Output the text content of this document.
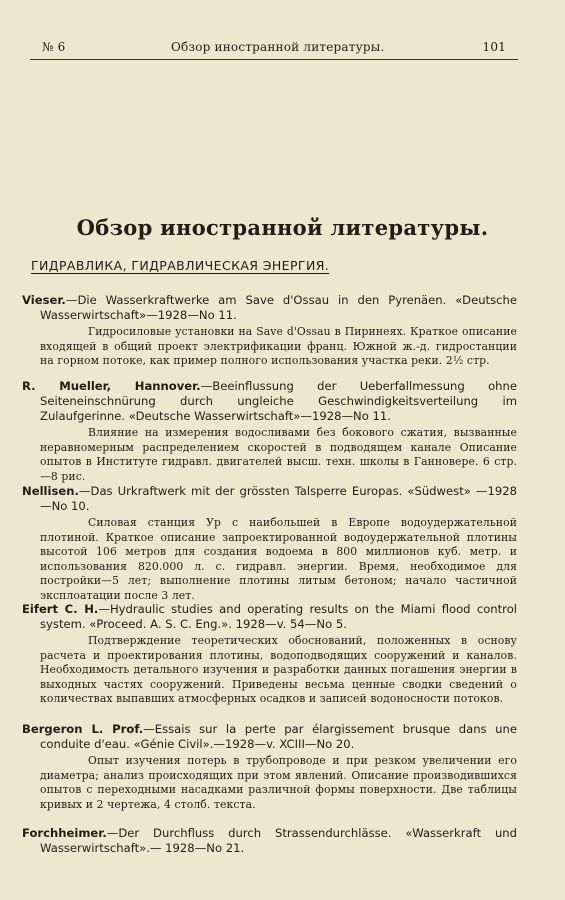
№ 6	Обзор иностранной литературы.	101
Обзор иностранной литературы.
ГИДРАВЛИКА, ГИДРАВЛИЧЕСКАЯ ЭНЕРГИЯ.
Vieser.—Die Wasserkraftwerke am Save d'Ossau in den Pyrenäen. «Deutsche Wasserwirtschaft»—1928—No 11.
Гидросиловые установки на Save d'Ossau в Пиринеях. Краткое описание входящей в общий проект электрификации франц. Южной ж.-д. гидростанции на горном потоке, как пример полного использования участка реки. 2½ стр.
R. Mueller, Hannover.—Beeinflussung der Ueberfallmessung ohne Seiteneinschnürung durch ungleiche Geschwindigkeitsverteilung im Zulaufgerinne. «Deutsche Wasserwirtschaft»—1928—No 11.
Влияние на измерения водосливами без бокового сжатия, вызванные неравномерным распределением скоростей в подводящем канале Описание опытов в Институте гидравл. двигателей высш. техн. школы в Ганновере. 6 стр.—8 рис.
Nellisen.—Das Urkraftwerk mit der grössten Talsperre Europas. «Südwest» —1928—No 10.
Силовая станция Ур с наибольшей в Европе водоудержательной плотиной. Краткое описание запроектированной водоудержательной плотины высотой 106 метров для создания водоема в 800 миллионов куб. метр. и использования 820.000 л. с. гидравл. энергии. Время, необходимое для постройки—5 лет; выполнение плотины литым бетоном; начало частичной эксплоатации после 3 лет.
Eifert C. H.—Hydraulic studies and operating results on the Miami flood control system. «Proceed. A. S. C. Eng.». 1928—v. 54—No 5.
Подтверждение теоретических обоснований, положенных в основу расчета и проектирования плотины, водоподводящих сооружений и каналов. Необходимость детального изучения и разработки данных погашения энергии в выходных частях сооружений. Приведены весьма ценные сводки сведений о количествах выпавших атмосферных осадков и записей водоносности потоков.
Bergeron L. Prof.—Essais sur la perte par élargissement brusque dans une conduite d'eau. «Génie Civil».—1928—v. XCIII—No 20.
Опыт изучения потерь в трубопроводе и при резком увеличении его диаметра; анализ происходящих при этом явлений. Описание производившихся опытов с переходными насадками различной формы поверхности. Две таблицы кривых и 2 чертежа, 4 столб. текста.
Forchheimer.—Der Durchfluss durch Strassendurchlässe. «Wasserkraft und Wasserwirtschaft».— 1928—No 21.
